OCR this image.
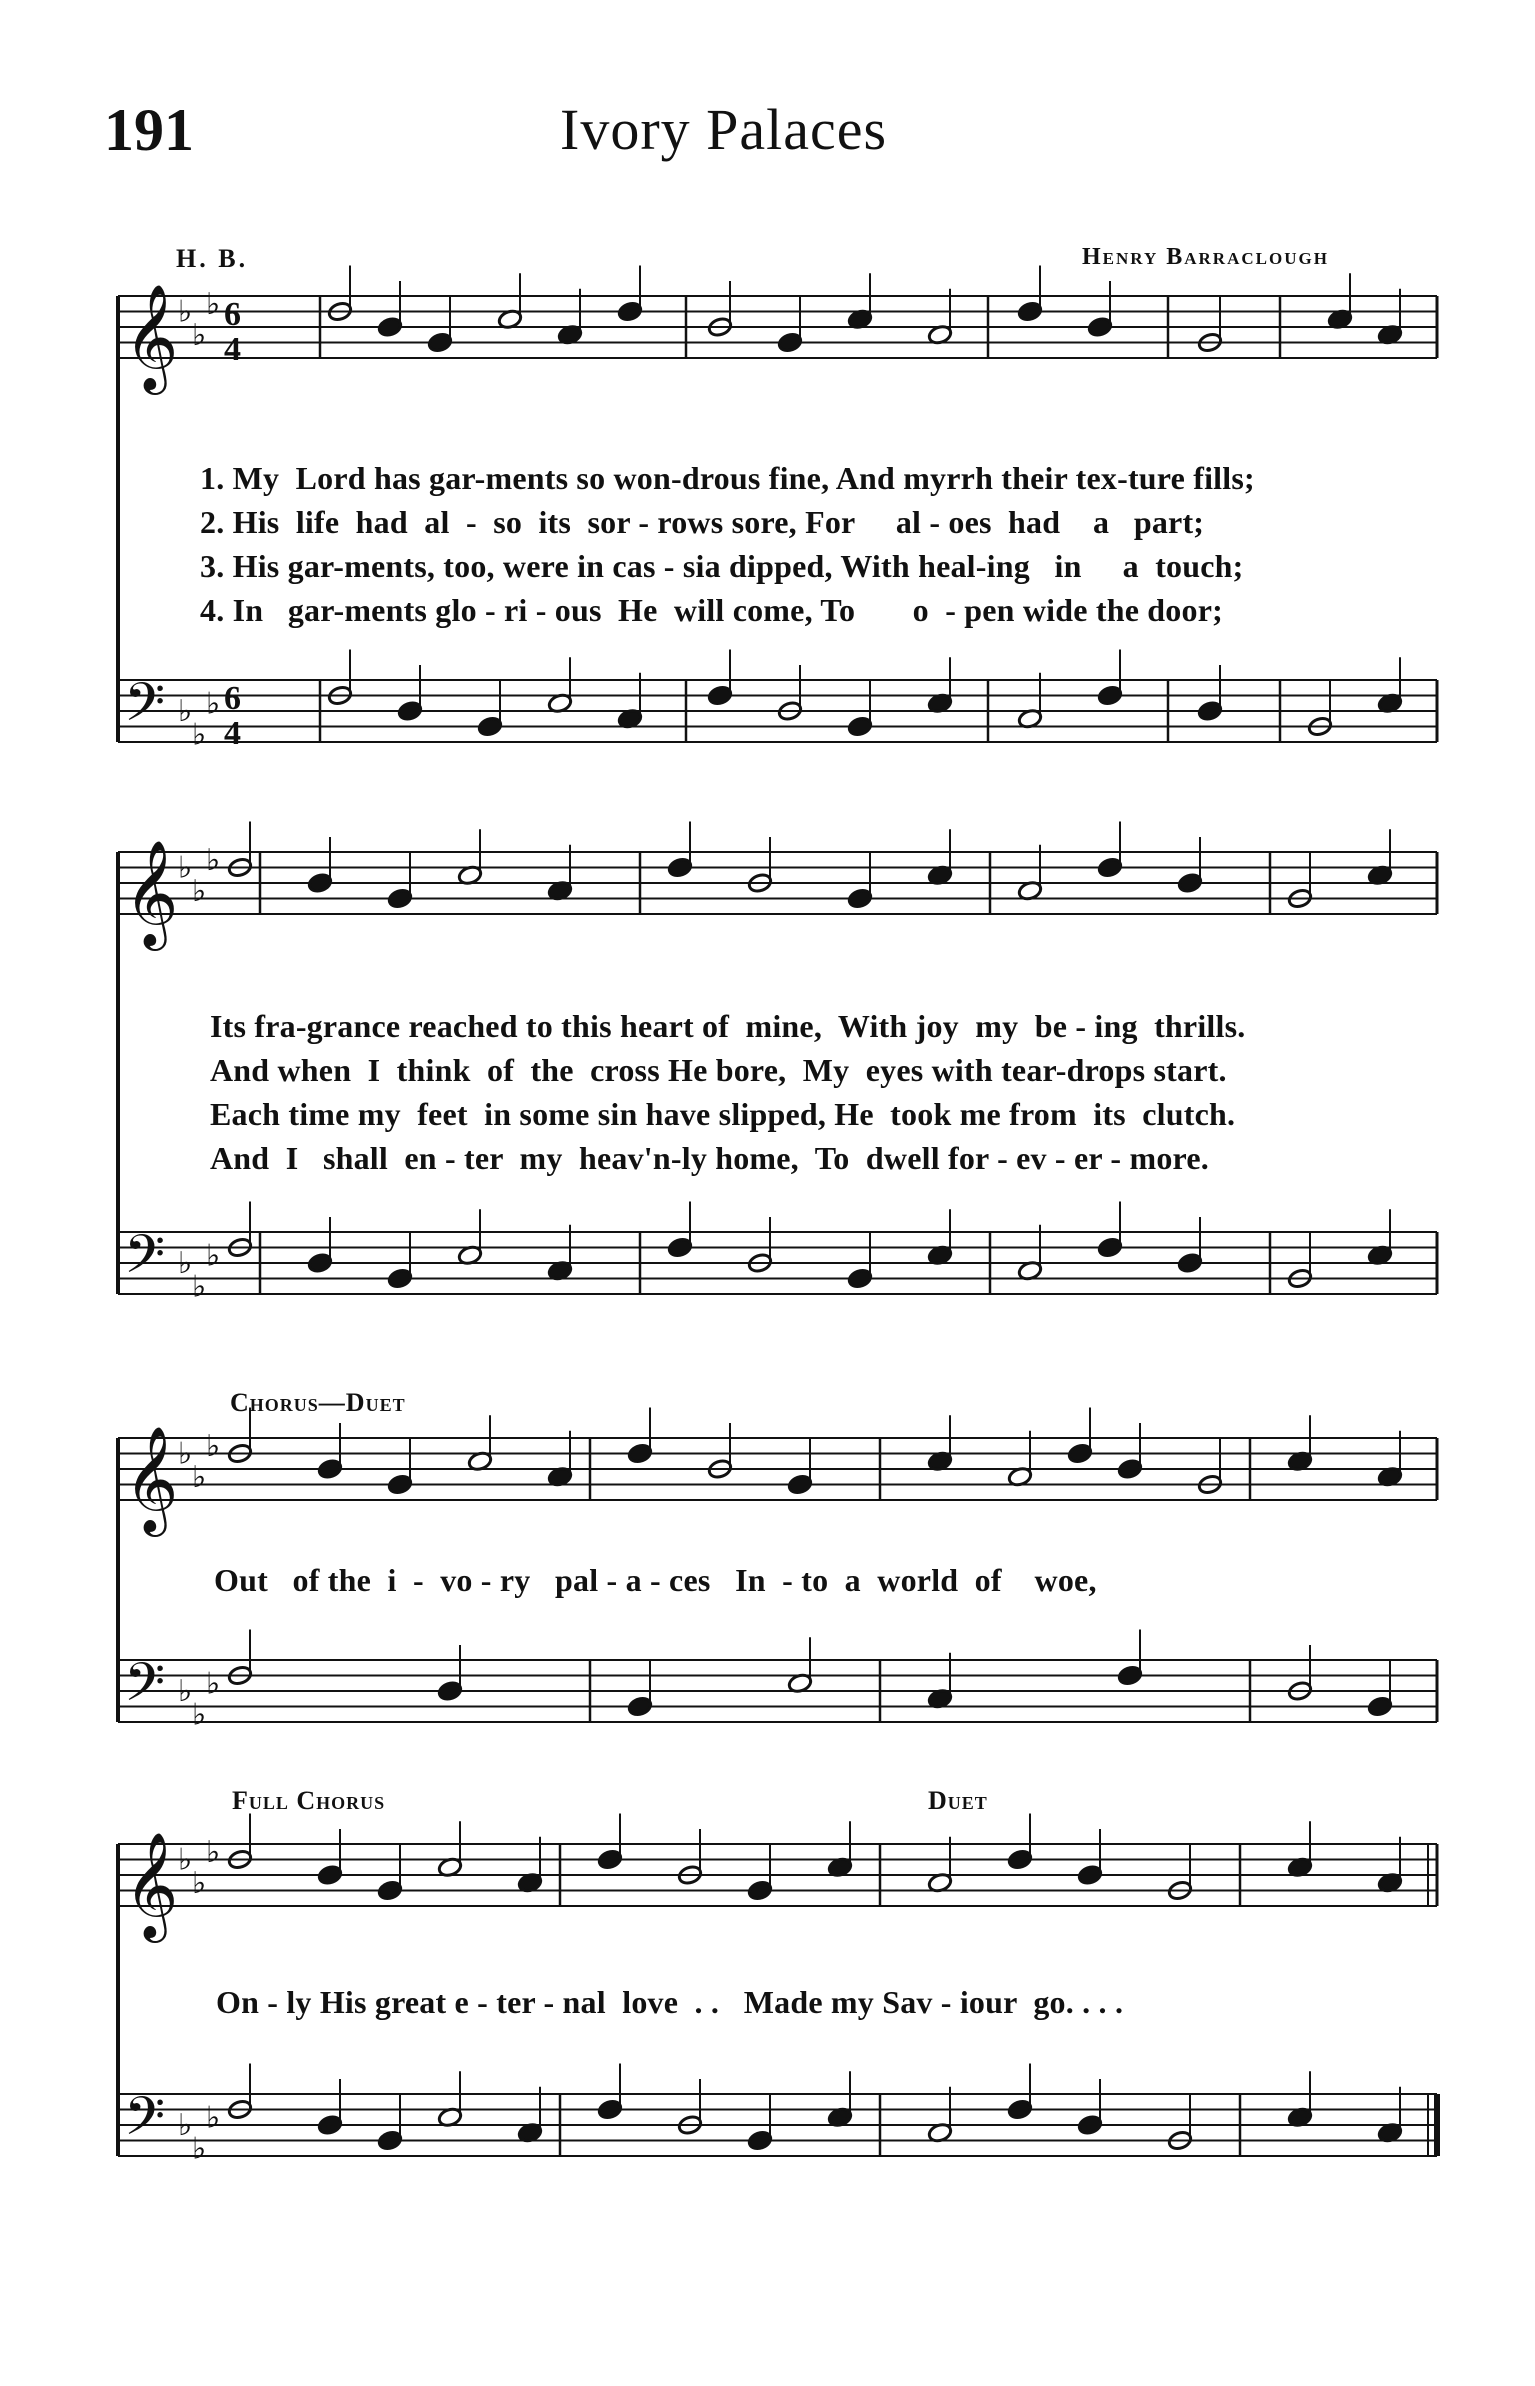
191	Ivory Palaces
H. B.	Henry Barraclough
𝄞 ♭
♭
♭ 6
4
𝄢 ♭
♭
♭ 6
4
𝄞 ♭
♭
♭
𝄢 ♭
♭
♭
𝄞 ♭
♭
♭
𝄢 ♭
♭
♭
𝄞 ♭
♭
♭
𝄢 ♭
♭
♭
1. My  Lord has gar-ments so won-drous fine, And myrrh their tex-ture fills;
2. His  life  had  al  -  so  its  sor - rows sore, For     al - oes  had    a   part;
3. His gar-ments, too, were in cas - sia dipped, With heal-ing   in     a  touch;
4. In   gar-ments glo - ri - ous  He  will come, To       o  - pen wide the door;
Its fra-grance reached to this heart of  mine,  With joy  my  be - ing  thrills.
And when  I  think  of  the  cross He bore,  My  eyes with tear-drops start.
Each time my  feet  in some sin have slipped, He  took me from  its  clutch.
And  I   shall  en - ter  my  heav'n-ly home,  To  dwell for - ev - er - more.
Chorus—Duet
Out   of the  i  -  vo - ry   pal - a - ces   In  - to  a  world  of    woe,
Full Chorus	Duet
On - ly His great e - ter - nal  love  . .   Made my Sav - iour  go. . . .
